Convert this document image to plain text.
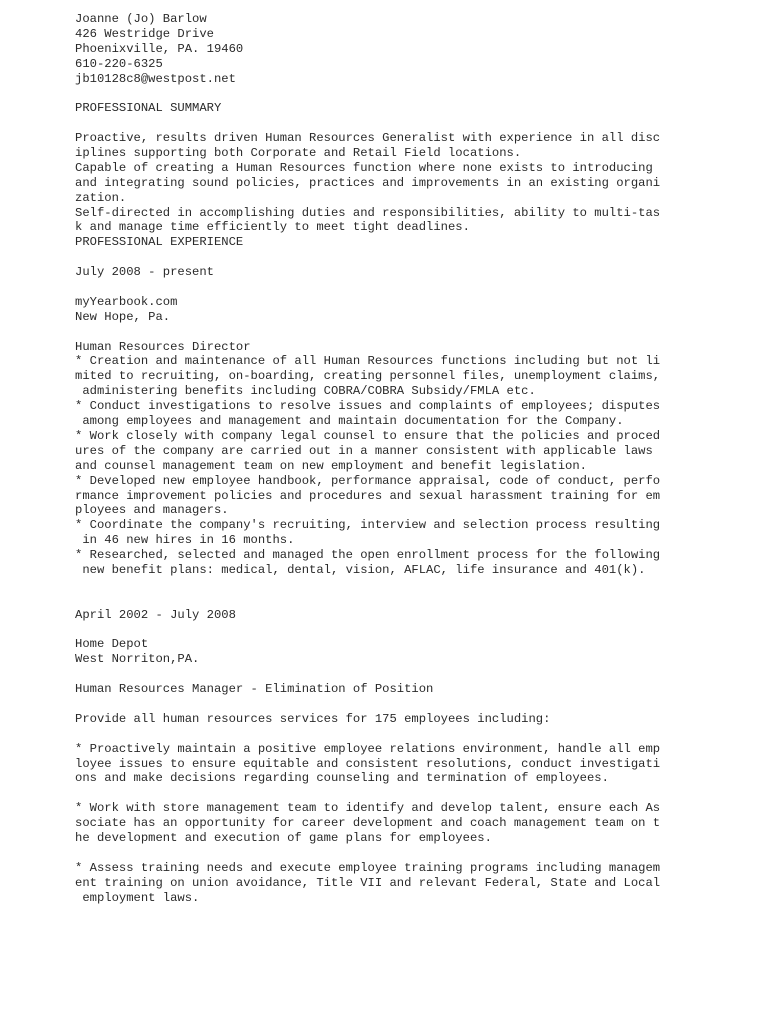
Joanne (Jo) Barlow
426 Westridge Drive
Phoenixville, PA. 19460
610-220-6325
jb10128c8@westpost.net
PROFESSIONAL SUMMARY
Proactive, results driven Human Resources Generalist with experience in all disc
iplines supporting both Corporate and Retail Field locations.
Capable of creating a Human Resources function where none exists to introducing
and integrating sound policies, practices and improvements in an existing organi
zation.
Self-directed in accomplishing duties and responsibilities, ability to multi-tas
k and manage time efficiently to meet tight deadlines.
PROFESSIONAL EXPERIENCE
July 2008 - present
myYearbook.com
New Hope, Pa.
Human Resources Director
* Creation and maintenance of all Human Resources functions including but not li
mited to recruiting, on-boarding, creating personnel files, unemployment claims,
administering benefits including COBRA/COBRA Subsidy/FMLA etc.
* Conduct investigations to resolve issues and complaints of employees; disputes
among employees and management and maintain documentation for the Company.
* Work closely with company legal counsel to ensure that the policies and proced
ures of the company are carried out in a manner consistent with applicable laws
and counsel management team on new employment and benefit legislation.
* Developed new employee handbook, performance appraisal, code of conduct, perfo
rmance improvement policies and procedures and sexual harassment training for em
ployees and managers.
* Coordinate the company's recruiting, interview and selection process resulting
in 46 new hires in 16 months.
* Researched, selected and managed the open enrollment process for the following
new benefit plans: medical, dental, vision, AFLAC, life insurance and 401(k).
April 2002 - July 2008
Home Depot
West Norriton,PA.
Human Resources Manager - Elimination of Position
Provide all human resources services for 175 employees including:
* Proactively maintain a positive employee relations environment, handle all emp
loyee issues to ensure equitable and consistent resolutions, conduct investigati
ons and make decisions regarding counseling and termination of employees.
* Work with store management team to identify and develop talent, ensure each As
sociate has an opportunity for career development and coach management team on t
he development and execution of game plans for employees.
* Assess training needs and execute employee training programs including managem
ent training on union avoidance, Title VII and relevant Federal, State and Local
employment laws.
